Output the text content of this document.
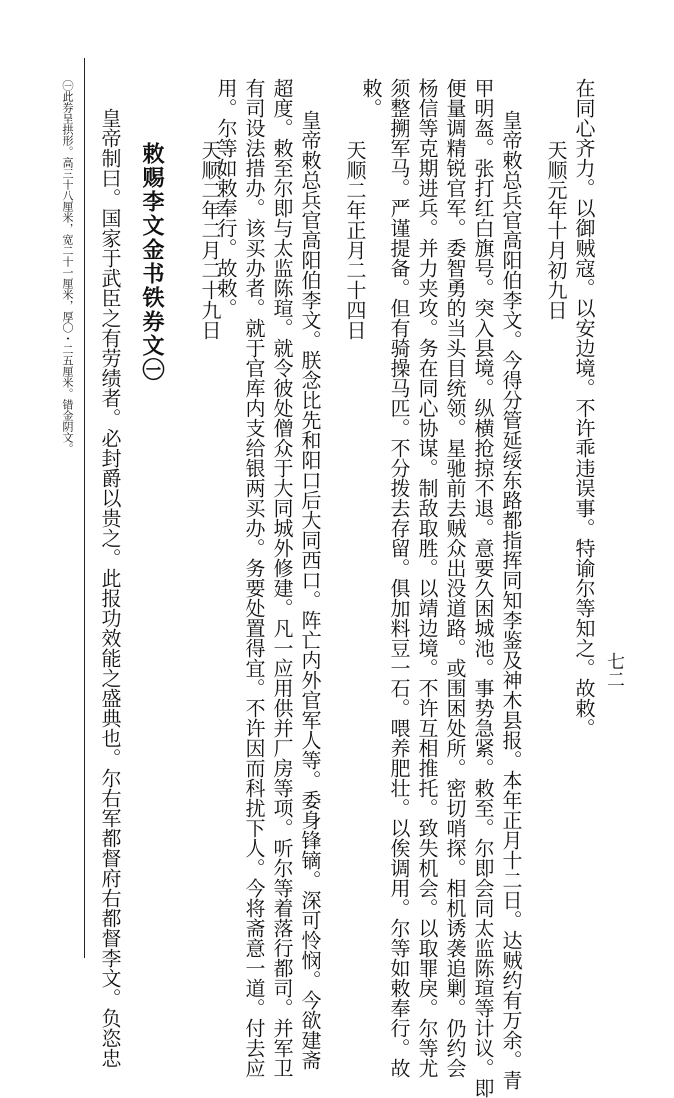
七二
在同心齐力。以御贼寇。以安边境。不许乖违误事。特谕尔等知之。故敕。
天顺元年十月初九日
皇帝敕总兵官高阳伯李文。今得分管延绥东路都指挥同知李鉴及神木县报。本年正月十二日。达贼约有万余。青
甲明盔。张打红白旗号。突入县境。纵横抢掠不退。意要久困城池。事势急紧。敕至。尔即会同太监陈瑄等计议。即
便量调精锐官军。委智勇的当头目统领。星驰前去贼众出没道路。或围困处所。密切哨探。相机诱袭追剿。仍约会
杨信等克期进兵。并力夹攻。务在同心协谋。制敌取胜。以靖边境。不许互相推托。致失机会。以取罪戾。尔等尤
须整搠军马。严谨提备。但有骑操马匹。不分拨去存留。俱加料豆一石。喂养肥壮。以俟调用。尔等如敕奉行。故
敕。
天顺二年正月二十四日
皇帝敕总兵官高阳伯李文。朕念比先和阳口后大同西口。阵亡内外官军人等。委身锋镝。深可怜悯。今欲建斋
超度。敕至尔即与太监陈瑄。就令彼处僧众于大同城外修建。凡一应用供并厂房等项。听尔等着落行都司。并军卫
有司设法措办。该买办者。就于官库内支给银两买办。务要处置得宜。不许因而科扰下人。今将斋意一道。付去应
用。尔等如敕奉行。故敕。
天顺二年二月二十九日
敕赐李文金书铁券文㊀
皇帝制曰。国家于武臣之有劳绩者。必封爵以贵之。此报功效能之盛典也。尔右军都督府右都督李文。负恣忠
㊀此券呈拱形。高三十八厘米，宽二十一厘米，厚〇・二五厘米。错金阴文。
